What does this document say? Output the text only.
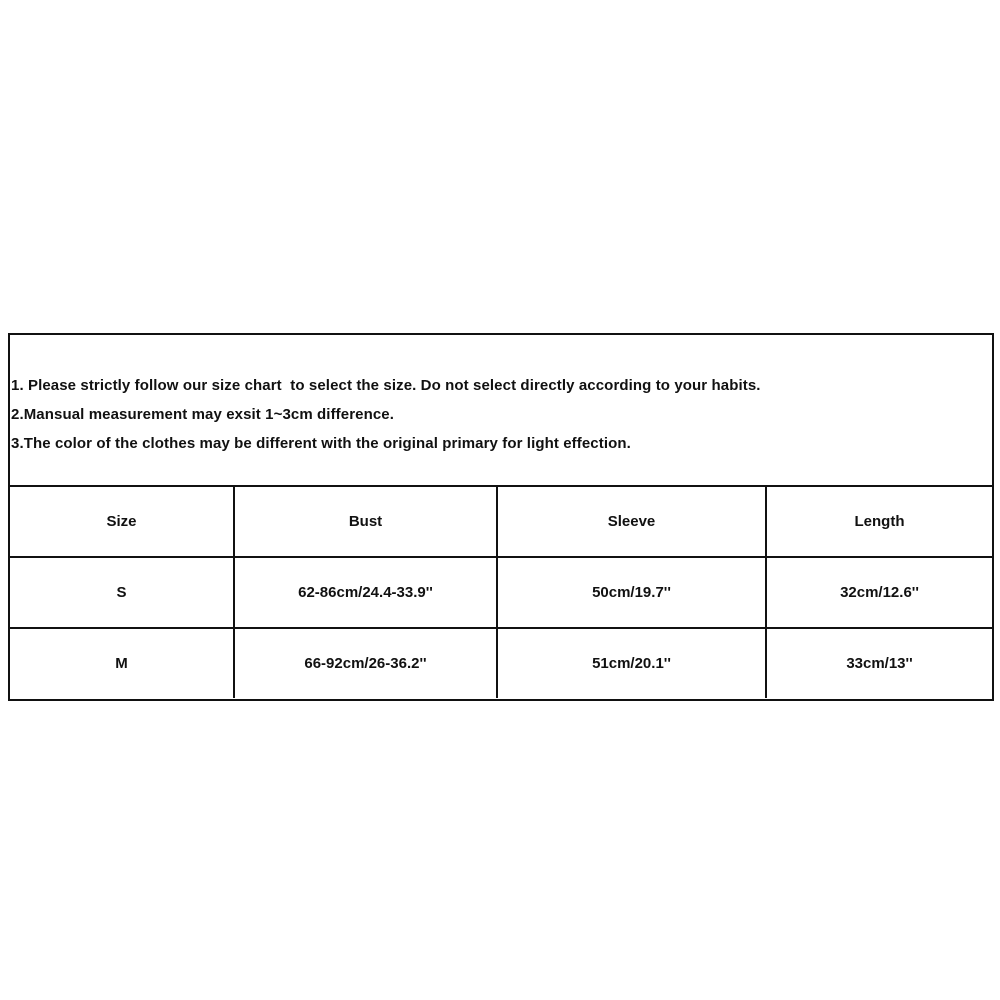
1. Please strictly follow our size chart  to select the size. Do not select directly according to your habits.
2.Mansual measurement may exsit 1~3cm difference.
3.The color of the clothes may be different with the original primary for light effection.
Size	Bust	Sleeve	Length
S	62-86cm/24.4-33.9''	50cm/19.7''	32cm/12.6''
M	66-92cm/26-36.2''	51cm/20.1''	33cm/13''
